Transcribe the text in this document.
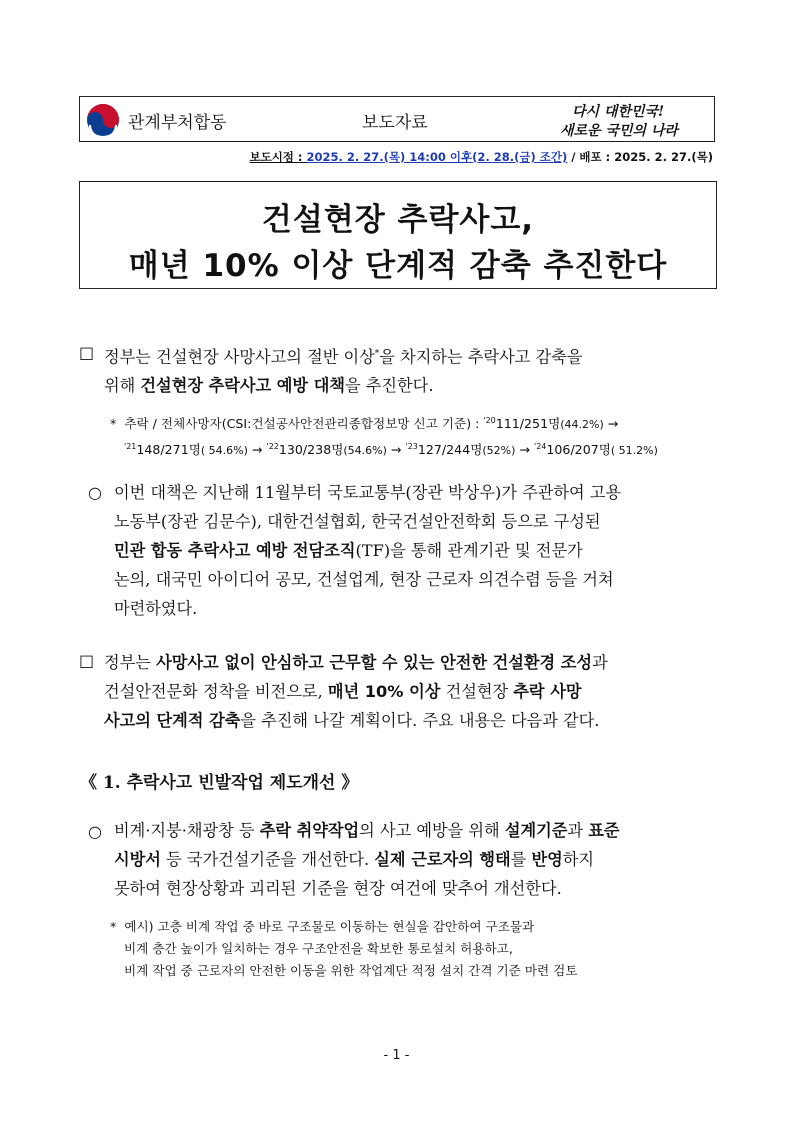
관계부처합동	보도자료
다시 대한민국!
새로운 국민의 나라
보도시점 : 2025. 2. 27.(목) 14:00 이후(2. 28.(금) 조간) / 배포 : 2025. 2. 27.(목)
건설현장 추락사고,
매년 10% 이상 단계적 감축 추진한다
□ 정부는 건설현장 사망사고의 절반 이상*을 차지하는 추락사고 감축을
위해 건설현장 추락사고 예방 대책을 추진한다.
* 추락 / 전체사망자(CSI:건설공사안전관리종합정보망 신고 기준) : $^{'20}$111/251명(44.2%) →
$^{'21}$148/271명( 54.6%) → $^{'22}$130/238명(54.6%) → $^{'23}$127/244명(52%) → $^{'24}$106/207명( 51.2%)
○ 이번 대책은 지난해 11월부터 국토교통부(장관 박상우)가 주관하여 고용
노동부(장관 김문수), 대한건설협회, 한국건설안전학회 등으로 구성된
민관 합동 추락사고 예방 전담조직(TF)을 통해 관계기관 및 전문가
논의, 대국민 아이디어 공모, 건설업계, 현장 근로자 의견수렴 등을 거쳐
마련하였다.
□ 정부는 사망사고 없이 안심하고 근무할 수 있는 안전한 건설환경 조성과
건설안전문화 정착을 비전으로, 매년 10% 이상 건설현장 추락 사망
사고의 단계적 감축을 추진해 나갈 계획이다. 주요 내용은 다음과 같다.
《 1. 추락사고 빈발작업 제도개선 》
○ 비계·지붕·채광창 등 추락 취약작업의 사고 예방을 위해 설계기준과 표준
시방서 등 국가건설기준을 개선한다. 실제 근로자의 행태를 반영하지
못하여 현장상황과 괴리된 기준을 현장 여건에 맞추어 개선한다.
* 예시) 고층 비계 작업 중 바로 구조물로 이동하는 현실을 감안하여 구조물과
비계 층간 높이가 일치하는 경우 구조안전을 확보한 통로설치 허용하고,
비계 작업 중 근로자의 안전한 이동을 위한 작업계단 적정 설치 간격 기준 마련 검토
- 1 -
